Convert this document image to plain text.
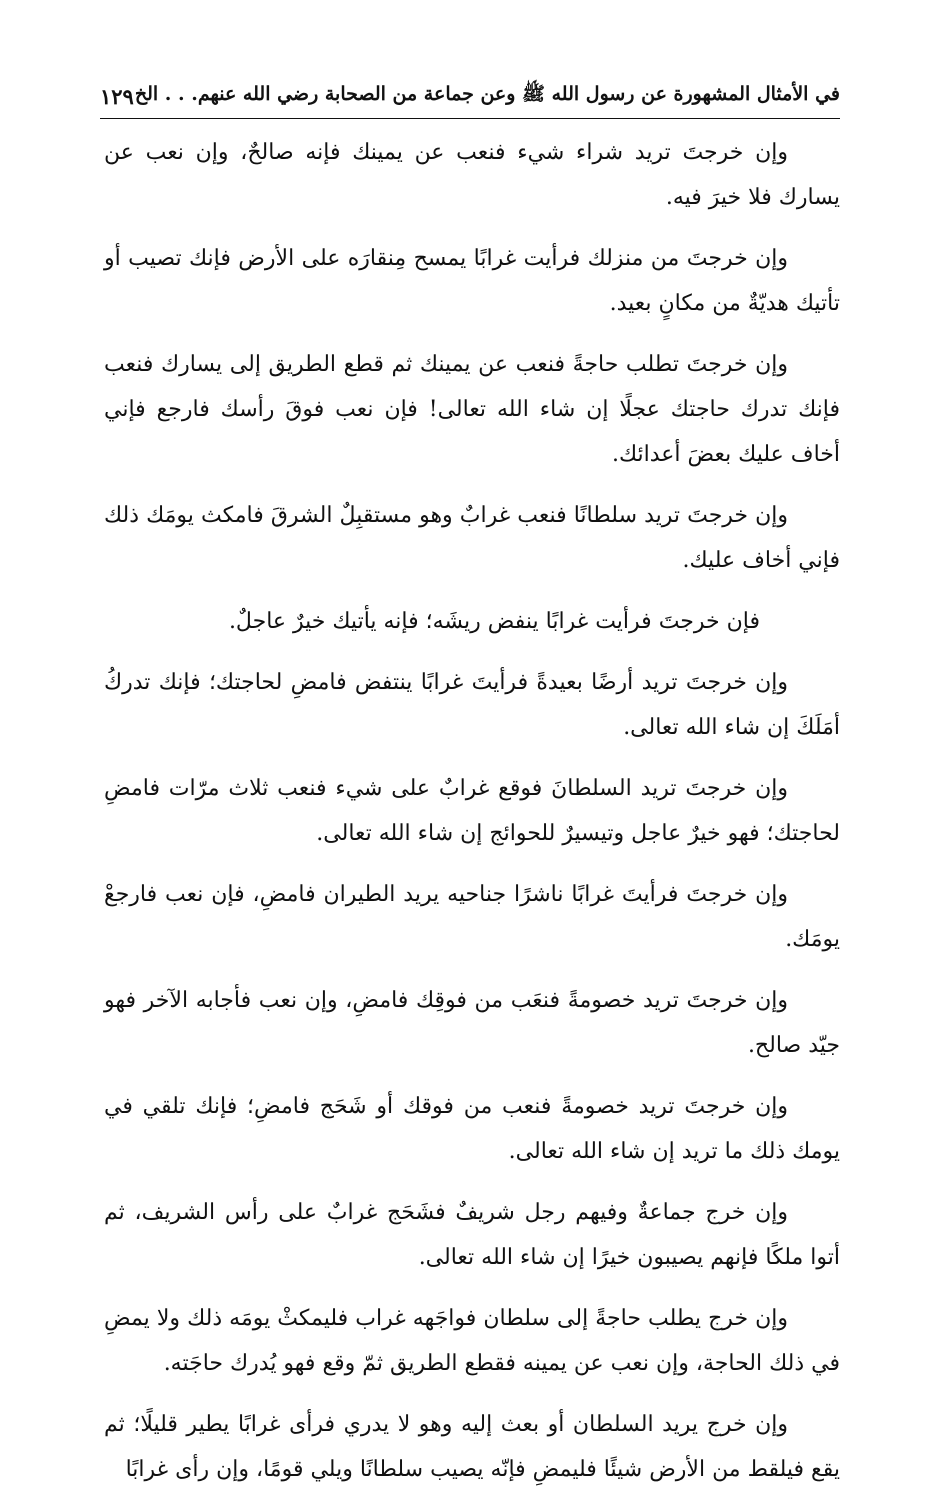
في الأمثال المشهورة عن رسول الله ﷺ وعن جماعة من الصحابة رضي الله عنهم. . . الخ
١٢٩

وإن خرجتَ تريد شراء شيء فنعب عن يمينك فإنه صالحٌ، وإن نعب عن يسارك فلا خيرَ فيه.

وإن خرجتَ من منزلك فرأيت غرابًا يمسح مِنقارَه على الأرض فإنك تصيب أو تأتيك هديّةٌ من مكانٍ بعيد.

وإن خرجتَ تطلب حاجةً فنعب عن يمينك ثم قطع الطريق إلى يسارك فنعب فإنك تدرك حاجتك عجلًا إن شاء الله تعالى! فإن نعب فوقَ رأسك فارجع فإني أخاف عليك بعضَ أعدائك.

وإن خرجتَ تريد سلطانًا فنعب غرابٌ وهو مستقبِلٌ الشرقَ فامكث يومَك ذلك فإني أخاف عليك.

فإن خرجتَ فرأيت غرابًا ينفض ريشَه؛ فإنه يأتيك خيرٌ عاجلٌ.

وإن خرجتَ تريد أرضًا بعيدةً فرأيتَ غرابًا ينتفض فامضِ لحاجتك؛ فإنك تدركُ أمَلَكَ إن شاء الله تعالى.

وإن خرجتَ تريد السلطانَ فوقع غرابٌ على شيء فنعب ثلاث مرّات فامضِ لحاجتك؛ فهو خيرٌ عاجل وتيسيرٌ للحوائج إن شاء الله تعالى.

وإن خرجتَ فرأيتَ غرابًا ناشرًا جناحيه يريد الطيران فامضِ، فإن نعب فارجعْ يومَك.

وإن خرجتَ تريد خصومةً فنعَب من فوقِك فامضِ، وإن نعب فأجابه الآخر فهو جيّد صالح.

وإن خرجتَ تريد خصومةً فنعب من فوقك أو شَحَج فامضِ؛ فإنك تلقي في يومك ذلك ما تريد إن شاء الله تعالى.

وإن خرج جماعةٌ وفيهم رجل شريفٌ فشَحَج غرابٌ على رأس الشريف، ثم أتوا ملكًا فإنهم يصيبون خيرًا إن شاء الله تعالى.

وإن خرج يطلب حاجةً إلى سلطان فواجَهه غراب فليمكثْ يومَه ذلك ولا يمضِ في ذلك الحاجة، وإن نعب عن يمينه فقطع الطريق ثمّ وقع فهو يُدرك حاجَته.

وإن خرج يريد السلطان أو بعث إليه وهو لا يدري فرأى غرابًا يطير قليلًا؛ ثم يقع فيلقط من الأرض شيئًا فليمضِ فإنّه يصيب سلطانًا ويلي قومًا، وإن رأى غرابًا
